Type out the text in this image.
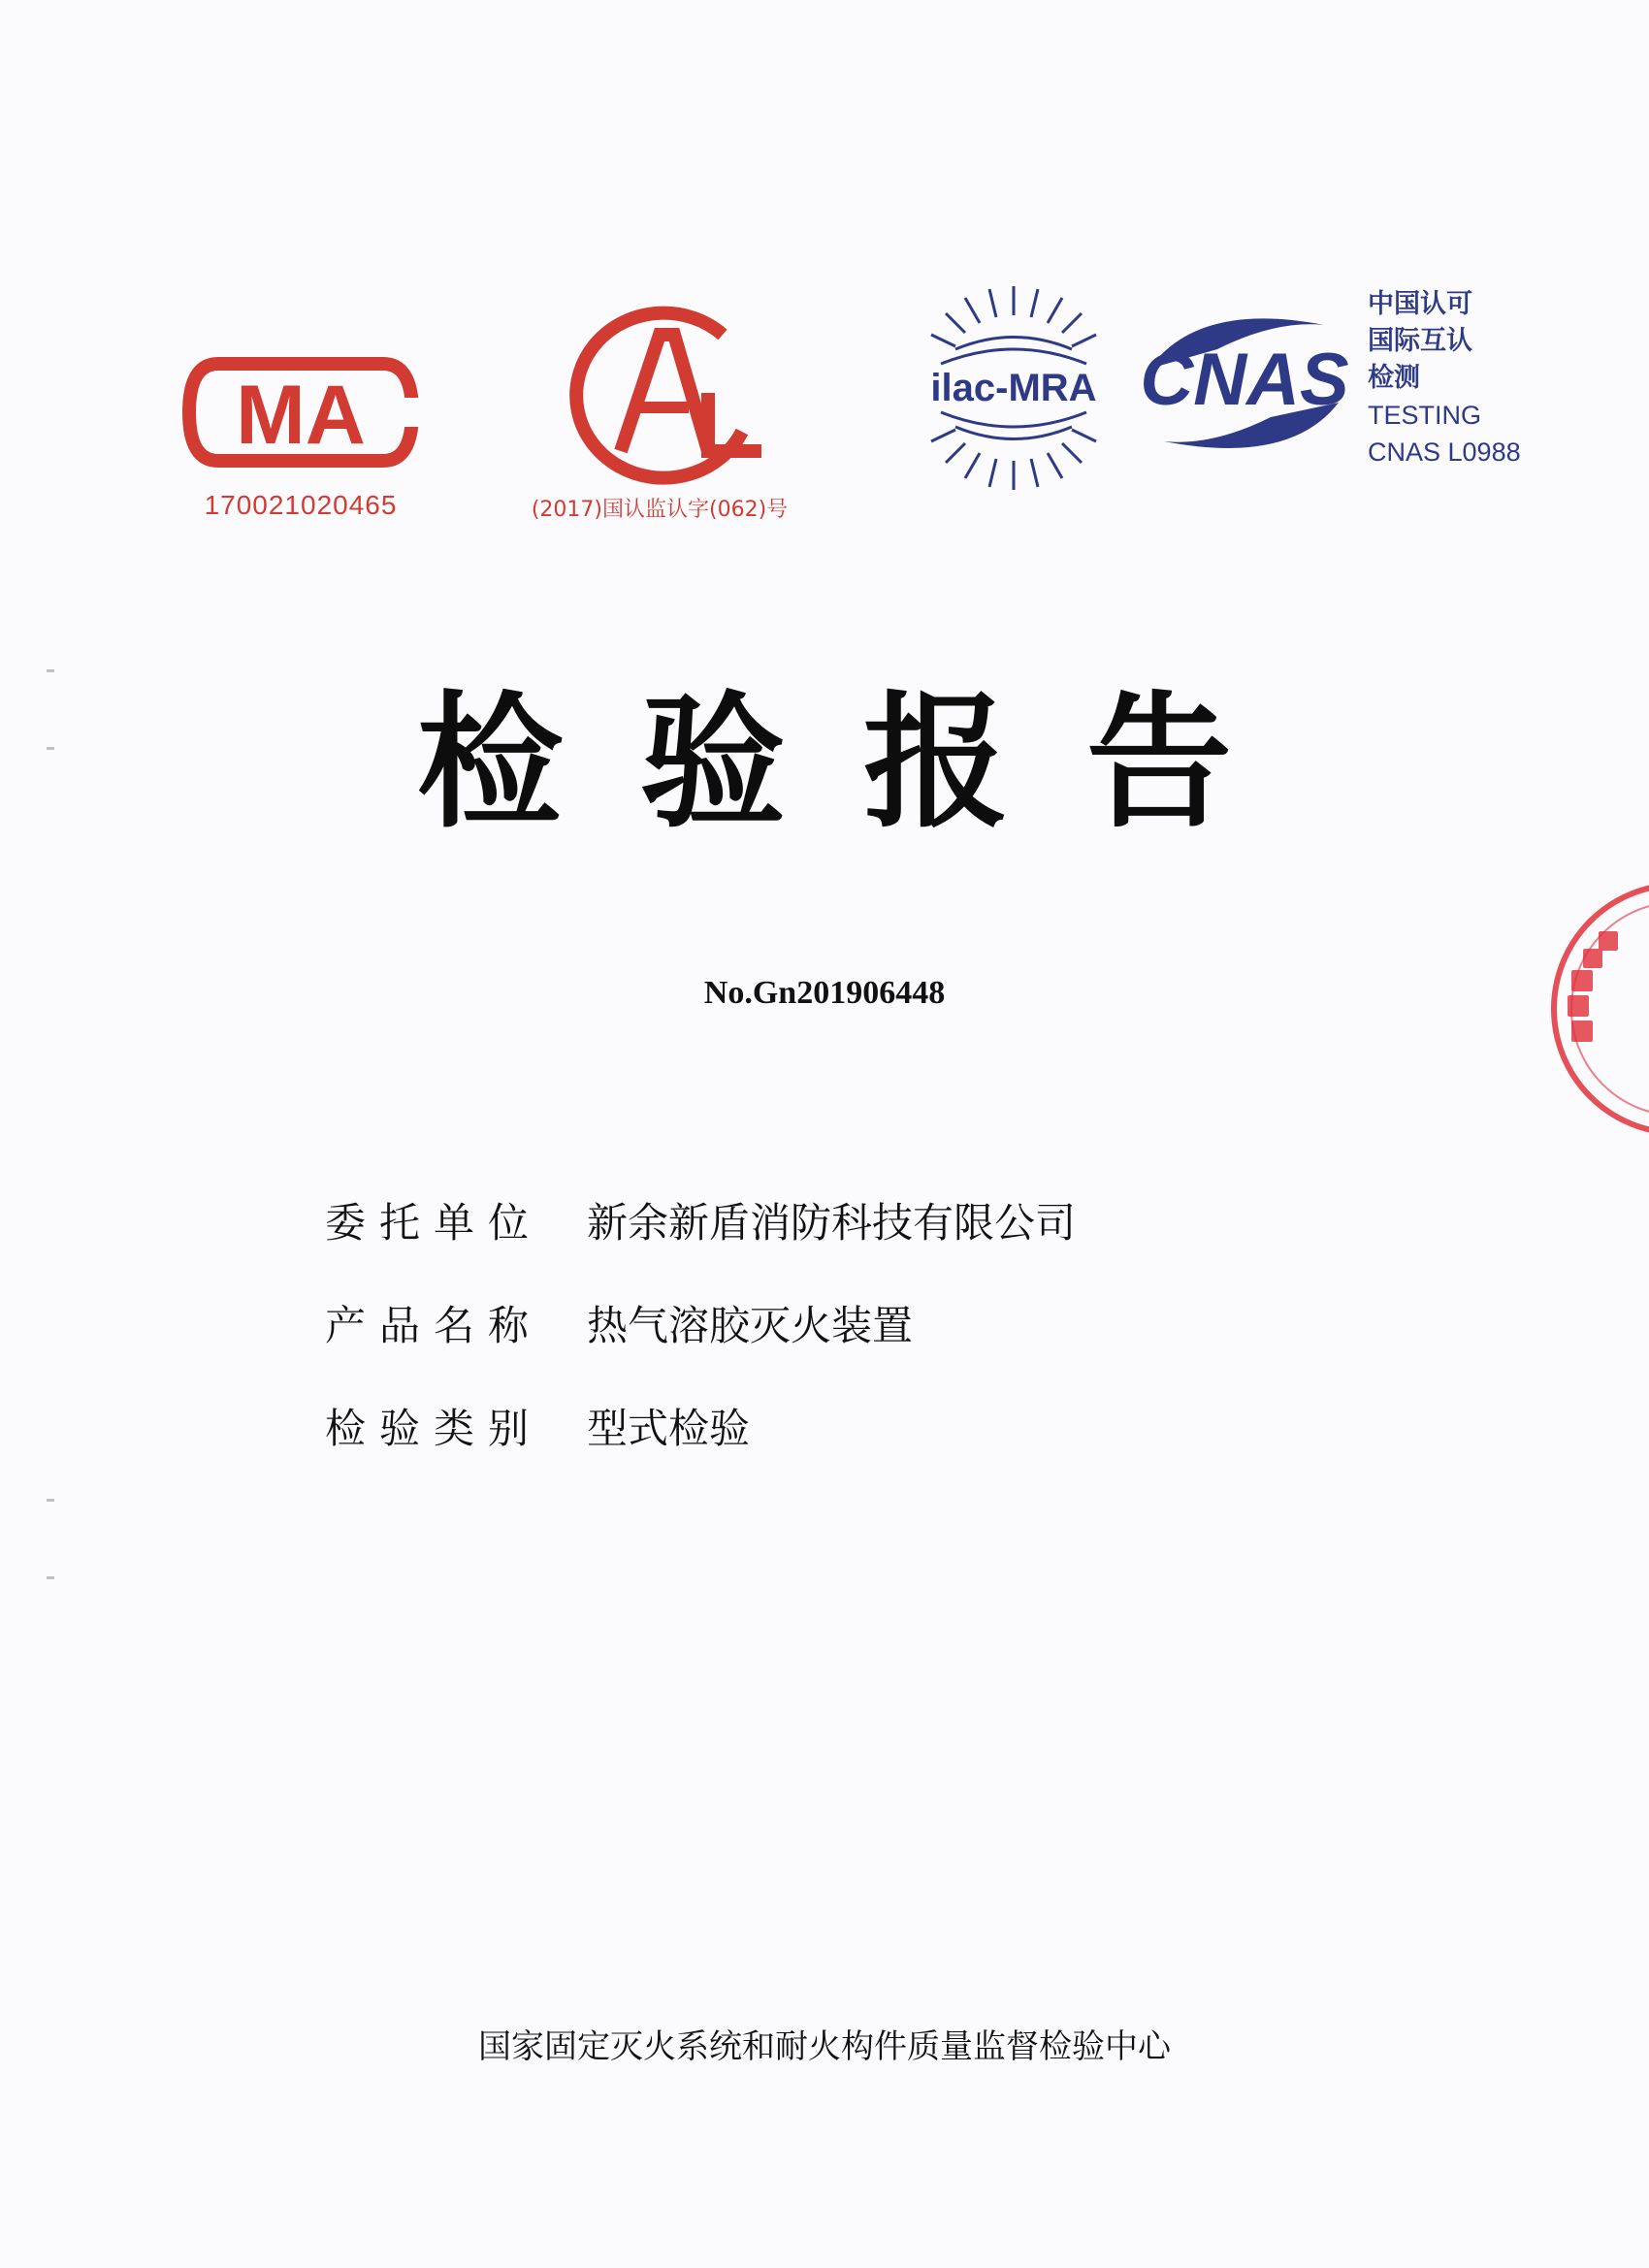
MA
170021020465	(2017)国认监认字(062)号
ilac-MRA CNAS
中国认可
国际互认
检测
TESTING
CNAS L0988
检验报告
No.Gn201906448
委托单位	新余新盾消防科技有限公司
产品名称	热气溶胶灭火装置
检验类别	型式检验
国家固定灭火系统和耐火构件质量监督检验中心
